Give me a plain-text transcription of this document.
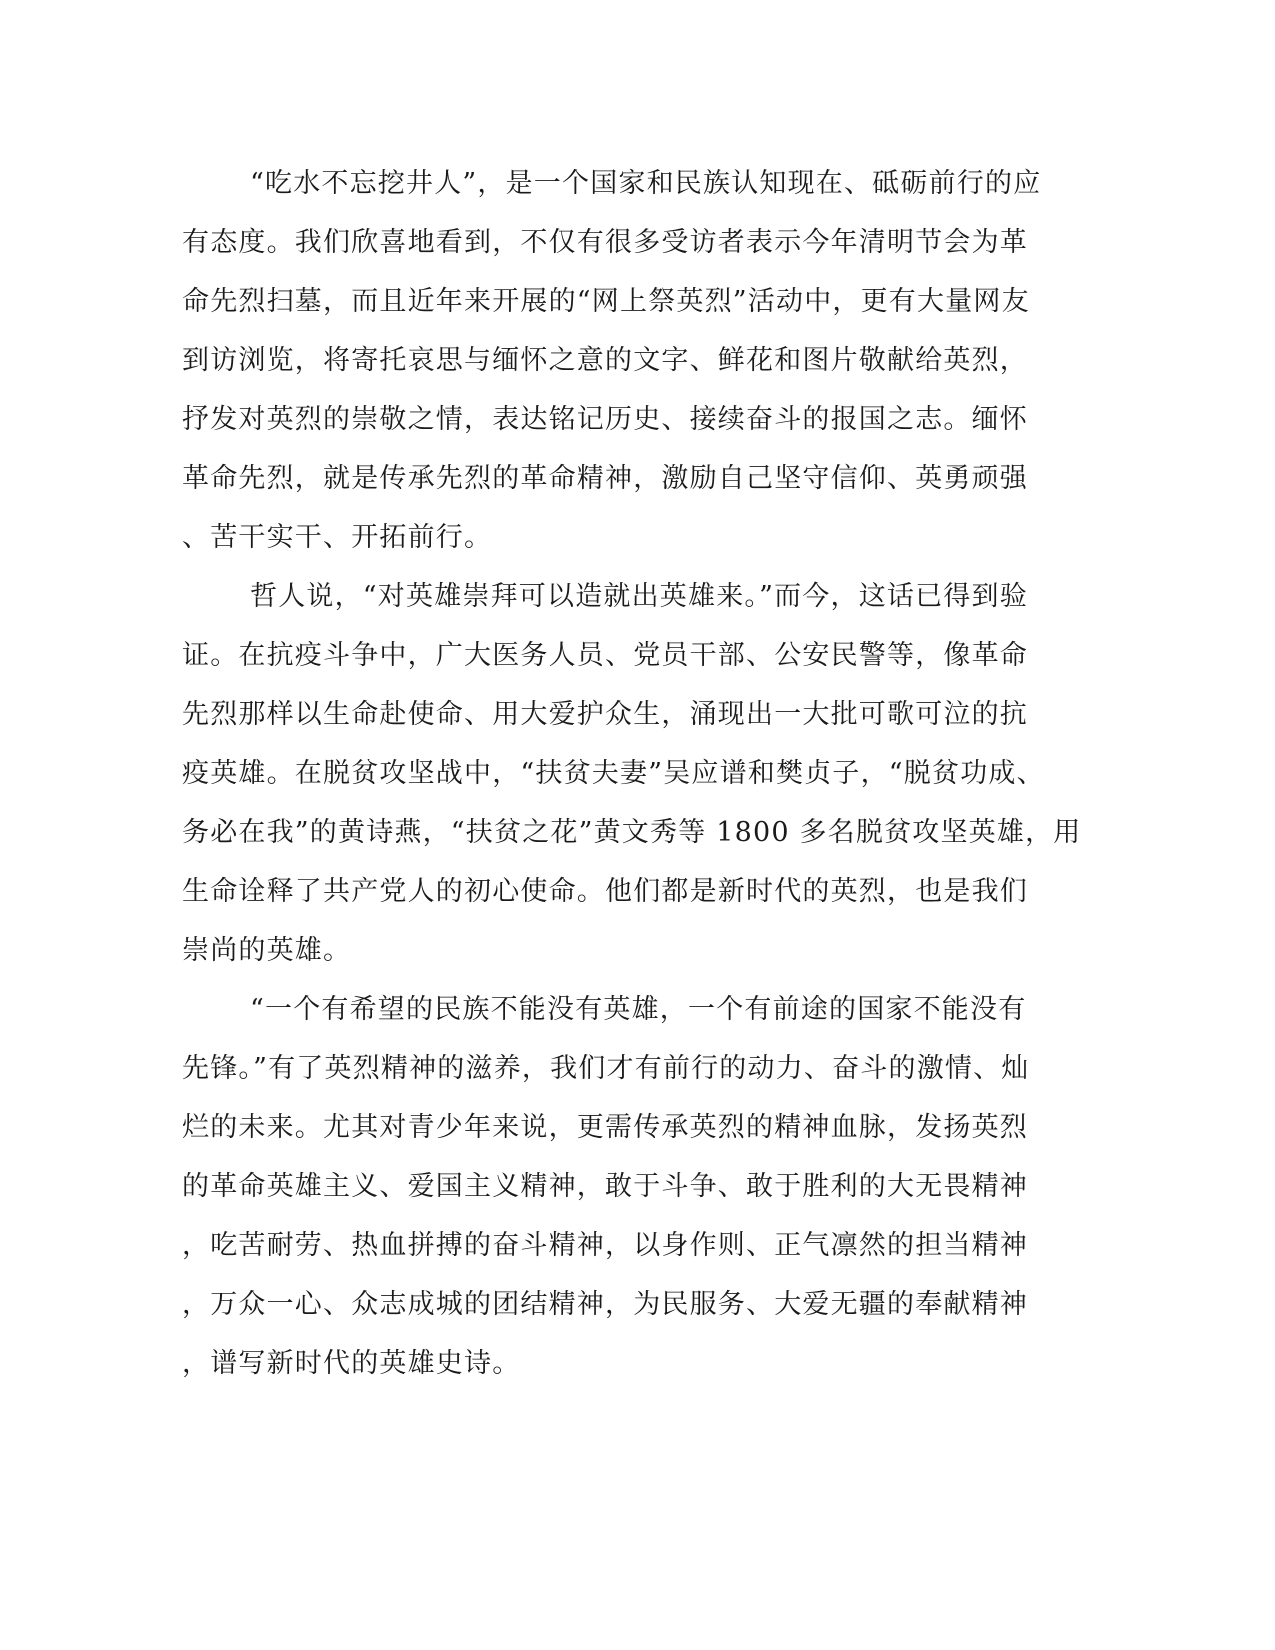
“吃水不忘挖井人”，是一个国家和民族认知现在、砥砺前行的应
有态度。我们欣喜地看到，不仅有很多受访者表示今年清明节会为革
命先烈扫墓，而且近年来开展的“网上祭英烈”活动中，更有大量网友
到访浏览，将寄托哀思与缅怀之意的文字、鲜花和图片敬献给英烈，
抒发对英烈的崇敬之情，表达铭记历史、接续奋斗的报国之志。缅怀
革命先烈，就是传承先烈的革命精神，激励自己坚守信仰、英勇顽强
、苦干实干、开拓前行。
哲人说，“对英雄崇拜可以造就出英雄来。”而今，这话已得到验
证。在抗疫斗争中，广大医务人员、党员干部、公安民警等，像革命
先烈那样以生命赴使命、用大爱护众生，涌现出一大批可歌可泣的抗
疫英雄。在脱贫攻坚战中，“扶贫夫妻”吴应谱和樊贞子，“脱贫功成、
务必在我”的黄诗燕，“扶贫之花”黄文秀等 1800 多名脱贫攻坚英雄，用
生命诠释了共产党人的初心使命。他们都是新时代的英烈，也是我们
崇尚的英雄。
“一个有希望的民族不能没有英雄，一个有前途的国家不能没有
先锋。”有了英烈精神的滋养，我们才有前行的动力、奋斗的激情、灿
烂的未来。尤其对青少年来说，更需传承英烈的精神血脉，发扬英烈
的革命英雄主义、爱国主义精神，敢于斗争、敢于胜利的大无畏精神
，吃苦耐劳、热血拼搏的奋斗精神，以身作则、正气凛然的担当精神
，万众一心、众志成城的团结精神，为民服务、大爱无疆的奉献精神
，谱写新时代的英雄史诗。
